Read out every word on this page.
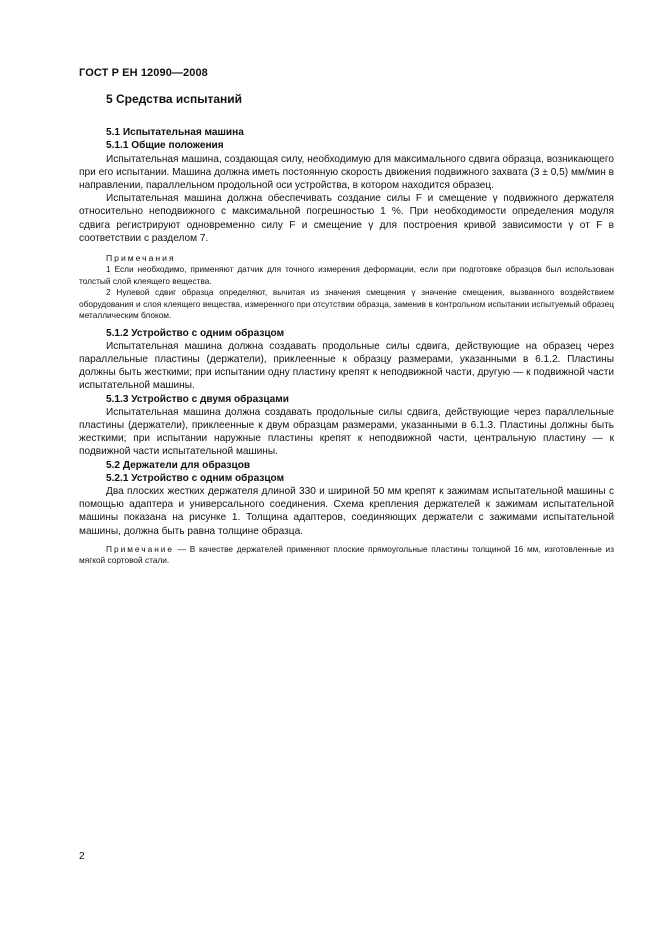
ГОСТ Р ЕН 12090—2008
5 Средства испытаний
5.1 Испытательная машина
5.1.1 Общие положения

Испытательная машина, создающая силу, необходимую для максимального сдвига образца, возникающего при его испытании. Машина должна иметь постоянную скорость движения подвижного захвата (3 ± 0,5) мм/мин в направлении, параллельном продольной оси устройства, в котором находится образец.

Испытательная машина должна обеспечивать создание силы F и смещение γ подвижного держателя относительно неподвижного с максимальной погрешностью 1 %. При необходимости определения модуля сдвига регистрируют одновременно силу F и смещение γ для построения кривой зависимости γ от F в соответствии с разделом 7.

Примечания

1 Если необходимо, применяют датчик для точного измерения деформации, если при подготовке образцов был использован толстый слой клеящего вещества.

2 Нулевой сдвиг образца определяют, вычитая из значения смещения γ значение смещения, вызванного воздействием оборудования и слоя клеящего вещества, измеренного при отсутствии образца, заменив в контрольном испытании испытуемый образец металлическим блоком.

5.1.2 Устройство с одним образцом

Испытательная машина должна создавать продольные силы сдвига, действующие на образец через параллельные пластины (держатели), приклеенные к образцу размерами, указанными в 6.1.2. Пластины должны быть жесткими; при испытании одну пластину крепят к неподвижной части, другую — к подвижной части испытательной машины.

5.1.3 Устройство с двумя образцами

Испытательная машина должна создавать продольные силы сдвига, действующие через параллельные пластины (держатели), приклеенные к двум образцам размерами, указанными в 6.1.3. Пластины должны быть жесткими; при испытании наружные пластины крепят к неподвижной части, центральную пластину — к подвижной части испытательной машины.

5.2 Держатели для образцов
5.2.1 Устройство с одним образцом

Два плоских жестких держателя длиной 330 и шириной 50 мм крепят к зажимам испытательной машины с помощью адаптера и универсального соединения. Схема крепления держателей к зажимам испытательной машины показана на рисунке 1. Толщина адаптеров, соединяющих держатели с зажимами испытательной машины, должна быть равна толщине образца.

Примечание — В качестве держателей применяют плоские прямоугольные пластины толщиной 16 мм, изготовленные из мягкой сортовой стали.

2
